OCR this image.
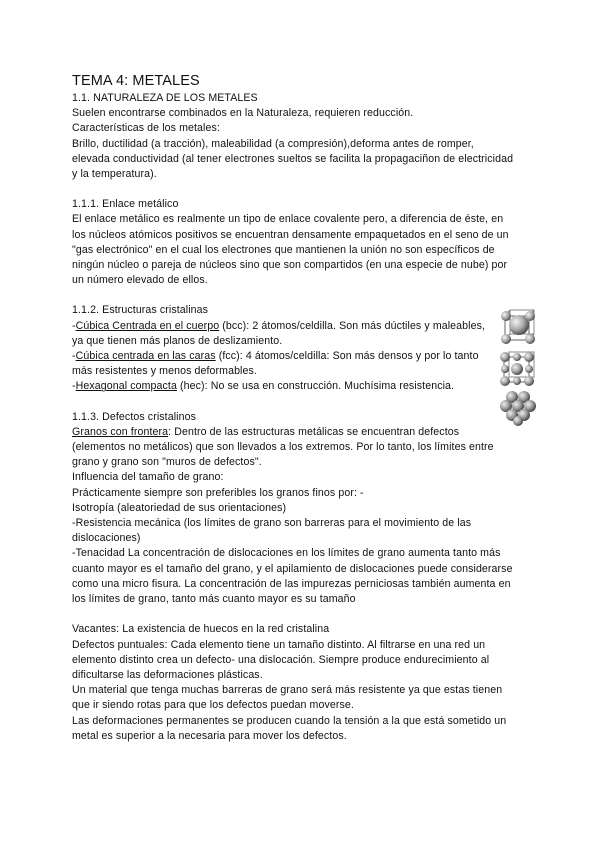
TEMA 4: METALES
1.1. NATURALEZA DE LOS METALES
Suelen encontrarse combinados en la Naturaleza, requieren reducción.
Características de los metales:
Brillo, ductilidad (a tracción), maleabilidad (a compresión),deforma antes de romper,
elevada conductividad (al tener electrones sueltos se facilita la propagaciñon de electricidad
y la temperatura).
1.1.1. Enlace metálico
El enlace metálico es realmente un tipo de enlace covalente pero, a diferencia de éste, en
los núcleos atómicos positivos se encuentran densamente empaquetados en el seno de un
"gas electrónico" en el cual los electrones que mantienen la unión no son específicos de
ningún núcleo o pareja de núcleos sino que son compartidos (en una especie de nube) por
un número elevado de ellos.
1.1.2. Estructuras cristalinas
-Cúbica Centrada en el cuerpo (bcc): 2 átomos/celdilla. Son más dúctiles y maleables,
ya que tienen más planos de deslizamiento.
-Cúbica centrada en las caras (fcc): 4 átomos/celdilla: Son más densos y por lo tanto
más resistentes y menos deformables.
-Hexagonal compacta (hec): No se usa en construcción. Muchísima resistencia.
1.1.3. Defectos cristalinos
Granos con frontera: Dentro de las estructuras metálicas se encuentran defectos
(elementos no metálicos) que son llevados a los extremos. Por lo tanto, los límites entre
grano y grano son "muros de defectos".
Influencia del tamaño de grano:
Prácticamente siempre son preferibles los granos finos por: -
Isotropía (aleatoriedad de sus orientaciones)
-Resistencia mecánica (los límites de grano son barreras para el movimiento de las
dislocaciones)
-Tenacidad La concentración de dislocaciones en los límites de grano aumenta tanto más
cuanto mayor es el tamaño del grano, y el apilamiento de dislocaciones puede considerarse
como una micro fisura. La concentración de las impurezas perniciosas también aumenta en
los límites de grano, tanto más cuanto mayor es su tamaño
Vacantes: La existencia de huecos en la red cristalina
Defectos puntuales: Cada elemento tiene un tamaño distinto. Al filtrarse en una red un
elemento distinto crea un defecto- una dislocación. Siempre produce endurecimiento al
dificultarse las deformaciones plásticas.
Un material que tenga muchas barreras de grano será más resistente ya que estas tienen
que ir siendo rotas para que los defectos puedan moverse.
Las deformaciones permanentes se producen cuando la tensión a la que está sometido un
metal es superior a la necesaria para mover los defectos.
